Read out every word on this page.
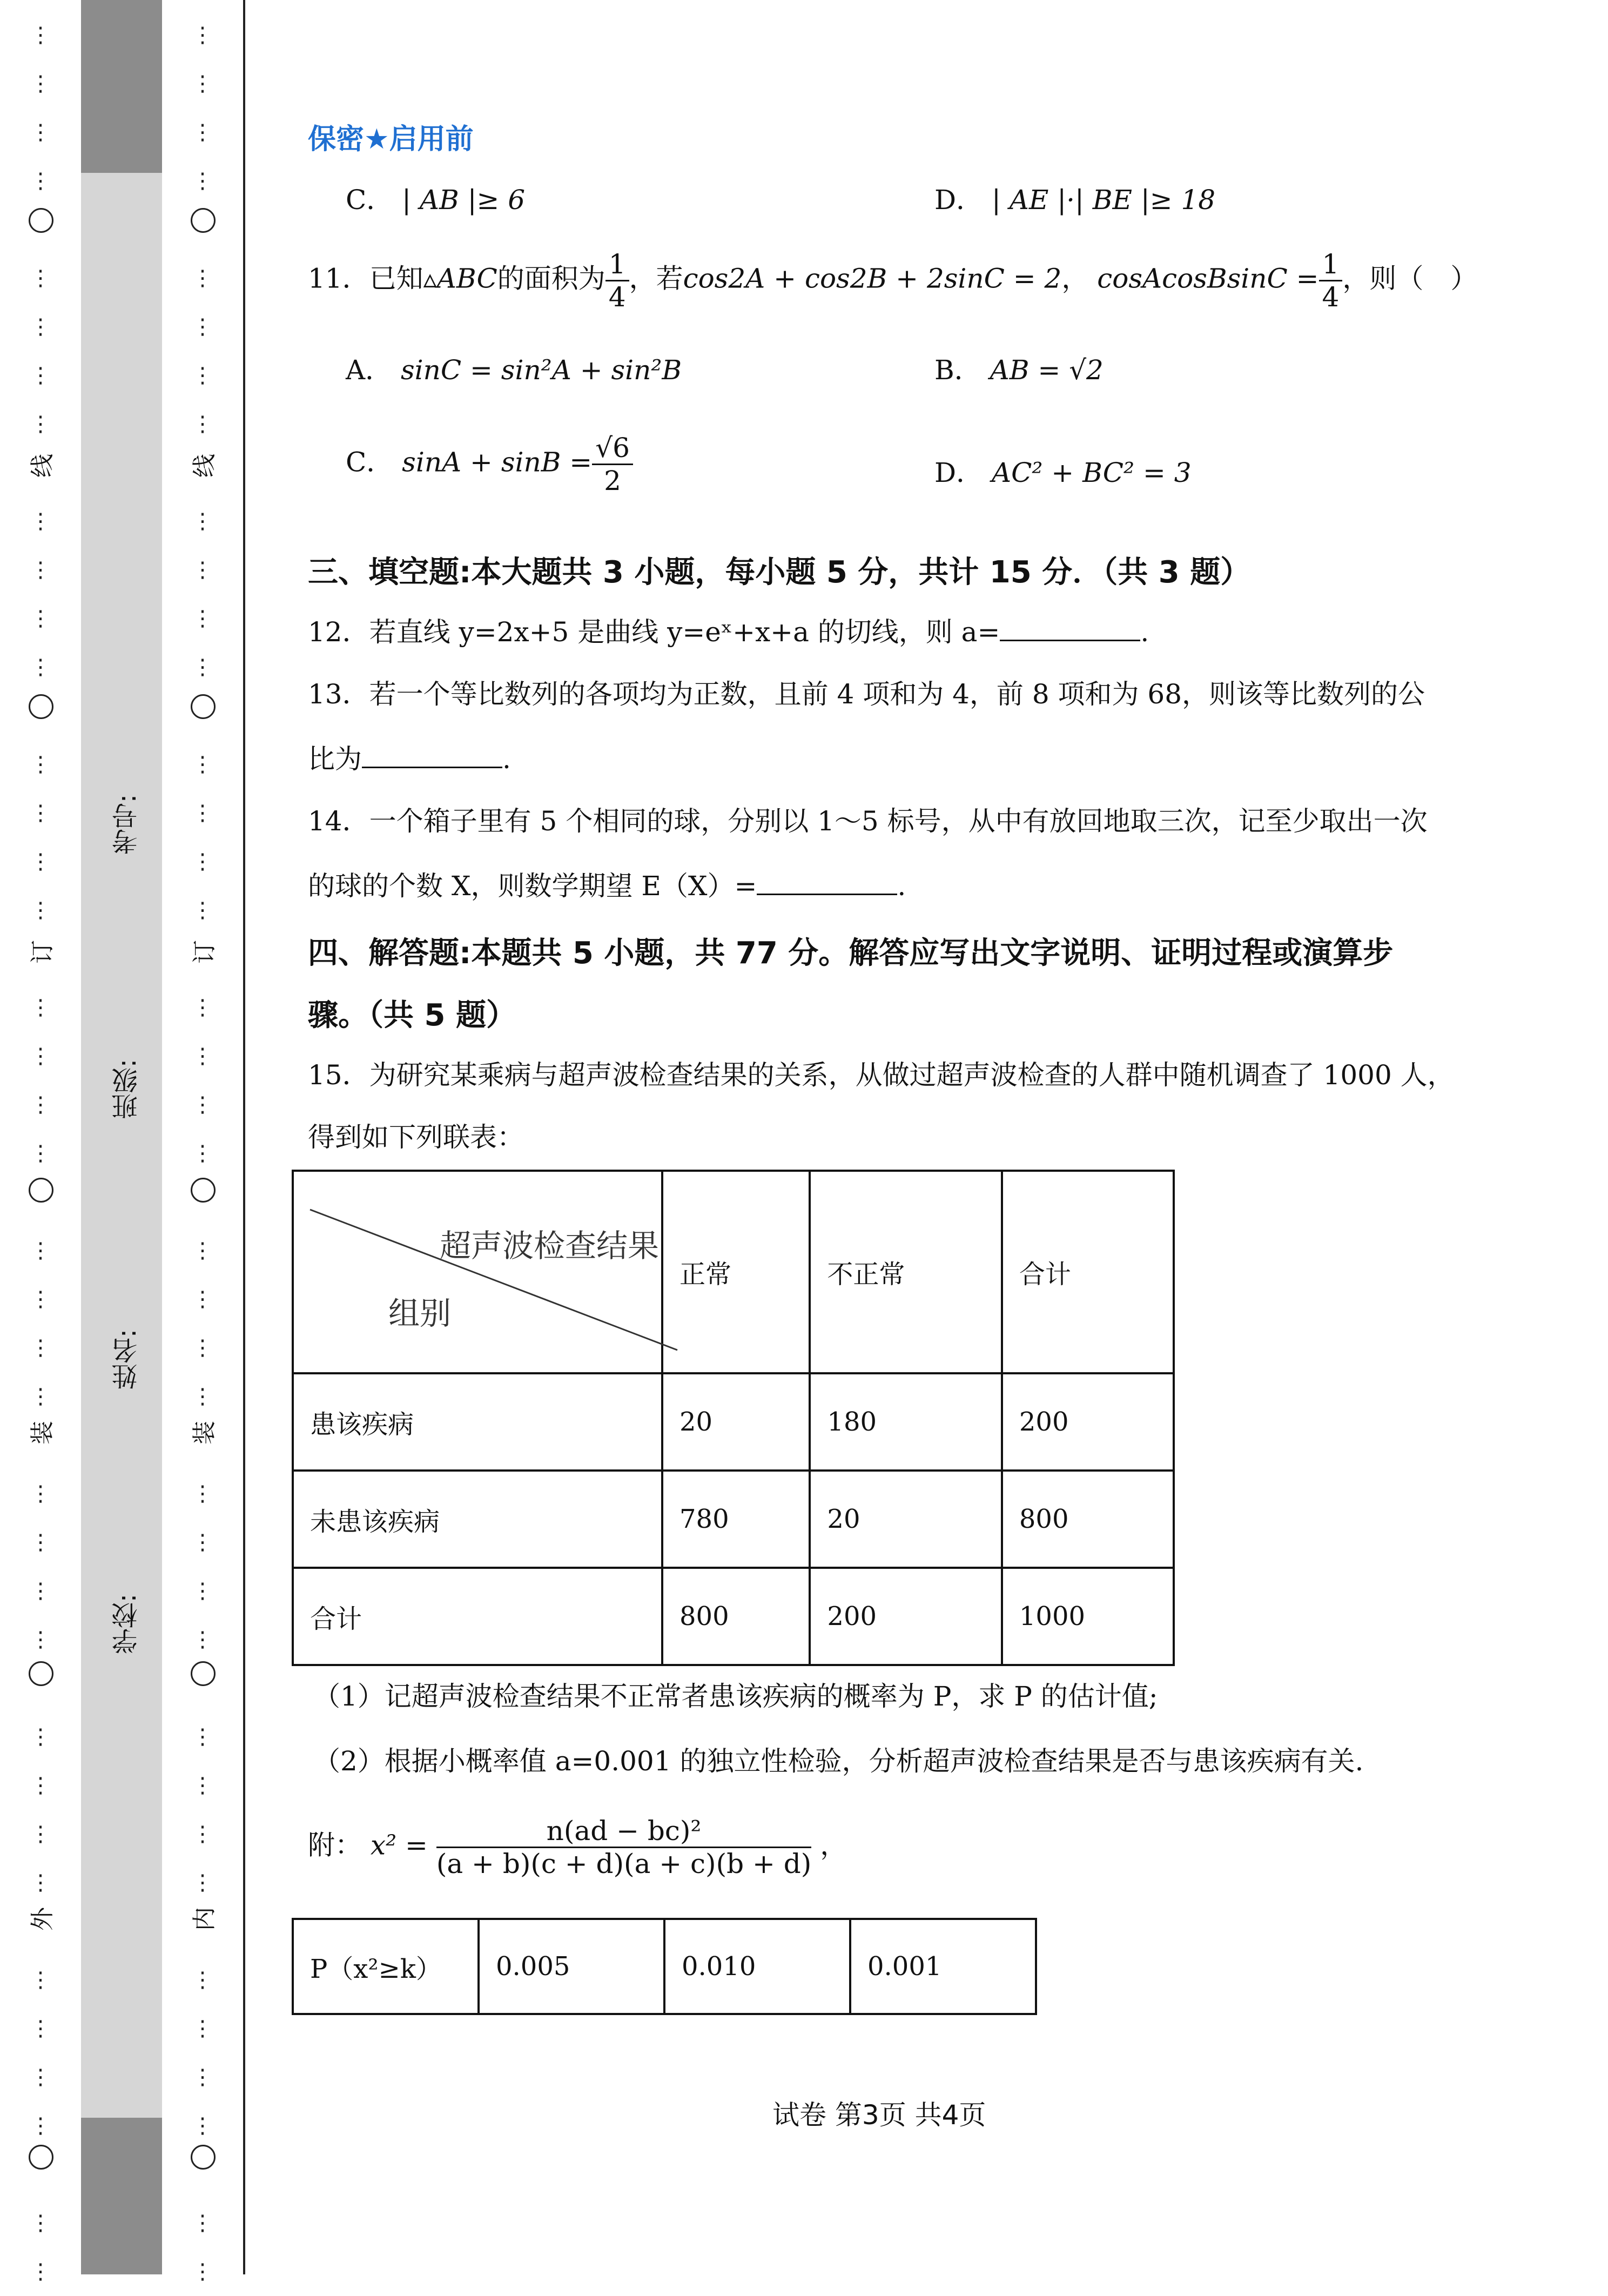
⋮
⋮
⋮
⋮
⋮
⋮
⋮
⋮
⋮
⋮
⋮
⋮
⋮
⋮
⋮
⋮
⋮
⋮
⋮
⋮
⋮
⋮
⋮
⋮
⋮
⋮
⋮
⋮
⋮
⋮
⋮
⋮
⋮
⋮
⋮
⋮
⋮
⋮
⋮
⋮
⋮
⋮
⋮
⋮
⋮
⋮
⋮
⋮
⋮
⋮
⋮
⋮
⋮
⋮
⋮
⋮
⋮
⋮
⋮
⋮
⋮
⋮
⋮
⋮
⋮
⋮
⋮
⋮
⋮
⋮
⋮
⋮
⋮
⋮
⋮
⋮
线
订
装
外
线
订
装
内
考号:
班级:
姓名:
学校:
保密★启用前
C． | AB |≥ 6	D． | AE |·| BE |≥ 18
11．已知▵ABC的面积为 $\frac{1}{4}$ ，若cos2A + cos2B + 2sinC = 2， cosAcosBsinC = $\frac{1}{4}$ ，则（　）
A． sinC = sin²A + sin²B	B． AB = √2
C． $\sin A + \sin B = \frac{√6}{2}$	D． AC² + BC² = 3
三、填空题:本大题共 3 小题，每小题 5 分，共计 15 分．（共 3 题）
12．若直线 y=2x+5 是曲线 y=eˣ+x+a 的切线，则 a=	.
13．若一个等比数列的各项均为正数，且前 4 项和为 4，前 8 项和为 68，则该等比数列的公
比为	.
14．一个箱子里有 5 个相同的球，分别以 1～5 标号，从中有放回地取三次，记至少取出一次
的球的个数 X，则数学期望 E（X）=	.
四、解答题:本题共 5 小题，共 77 分。解答应写出文字说明、证明过程或演算步
骤。（共 5 题）
15．为研究某乘病与超声波检查结果的关系，从做过超声波检查的人群中随机调查了 1000 人，
得到如下列联表：
超声波检查结果
组别	正常	不正常	合计
患该疾病	20	180	200
未患该疾病	780	20	800
合计	800	200	1000
（1）记超声波检查结果不正常者患该疾病的概率为 P，求 P 的估计值;
（2）根据小概率值 a=0.001 的独立性检验，分析超声波检查结果是否与患该疾病有关.
附： $x^2 = \frac{\text{n(ad − bc)²}}{(a + b)(c + d)(a + c)(b + d)}$ ，
P（x²≥k）	0.005	0.010	0.001
试卷 第3页 共4页
